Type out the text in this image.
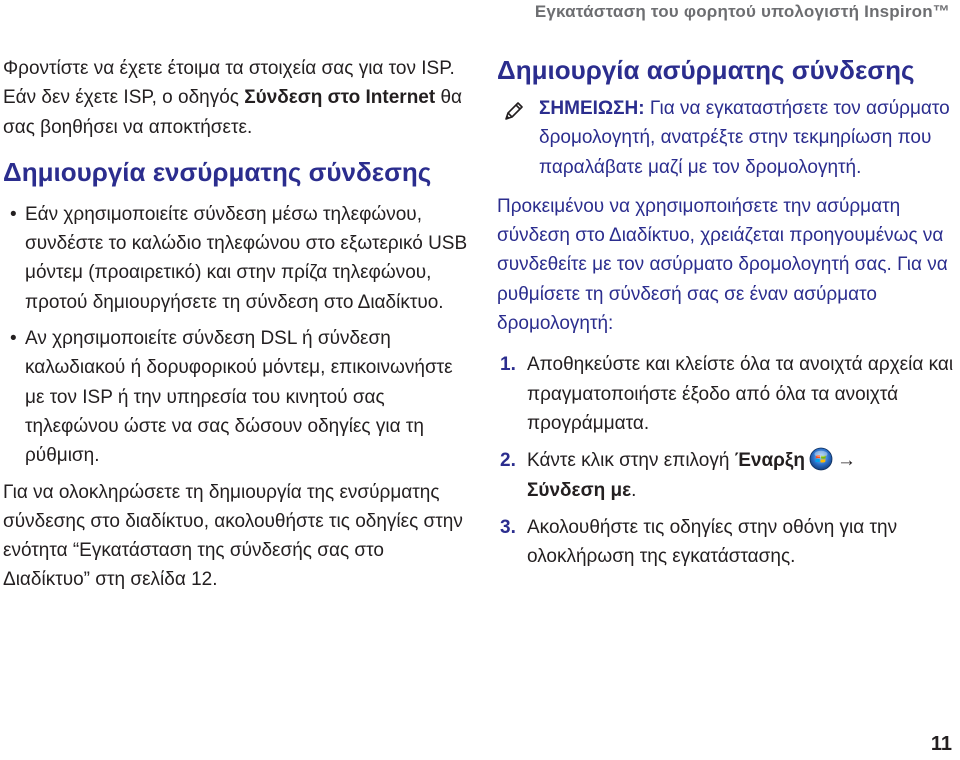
Εγκατάσταση του φορητού υπολογιστή Inspiron™

Φροντίστε να έχετε έτοιμα τα στοιχεία σας για τον ISP. Εάν δεν έχετε ISP, ο οδηγός Σύνδεση στο Internet θα σας βοηθήσει να αποκτήσετε.

Δημιουργία ενσύρματης σύνδεσης
• Εάν χρησιμοποιείτε σύνδεση μέσω τηλεφώνου, συνδέστε το καλώδιο τηλεφώνου στο εξωτερικό USB μόντεμ (προαιρετικό) και στην πρίζα τηλεφώνου, προτού δημιουργήσετε τη σύνδεση στο Διαδίκτυο.
• Αν χρησιμοποιείτε σύνδεση DSL ή σύνδεση καλωδιακού ή δορυφορικού μόντεμ, επικοινωνήστε με τον ISP ή την υπηρεσία του κινητού σας τηλεφώνου ώστε να σας δώσουν οδηγίες για τη ρύθμιση.

Για να ολοκληρώσετε τη δημιουργία της ενσύρματης σύνδεσης στο διαδίκτυο, ακολουθήστε τις οδηγίες στην ενότητα “Εγκατάσταση της σύνδεσής σας στο Διαδίκτυο” στη σελίδα 12.

Δημιουργία ασύρματης σύνδεσης
ΣΗΜΕΙΩΣΗ: Για να εγκαταστήσετε τον ασύρματο δρομολογητή, ανατρέξτε στην τεκμηρίωση που παραλάβατε μαζί με τον δρομολογητή.

Προκειμένου να χρησιμοποιήσετε την ασύρματη σύνδεση στο Διαδίκτυο, χρειάζεται προηγουμένως να συνδεθείτε με τον ασύρματο δρομολογητή σας. Για να ρυθμίσετε τη σύνδεσή σας σε έναν ασύρματο δρομολογητή:

1. Αποθηκεύστε και κλείστε όλα τα ανοιχτά αρχεία και πραγματοποιήστε έξοδο από όλα τα ανοιχτά προγράμματα.
2. Κάντε κλικ στην επιλογή Έναρξη →
Σύνδεση με.
3. Ακολουθήστε τις οδηγίες στην οθόνη για την ολοκλήρωση της εγκατάστασης.
11
